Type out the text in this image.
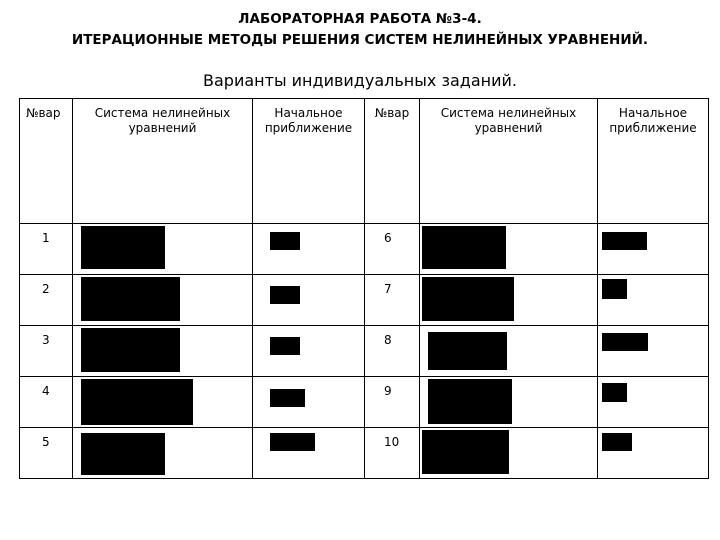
ЛАБОРАТОРНАЯ РАБОТА №3-4.
ИТЕРАЦИОННЫЕ МЕТОДЫ РЕШЕНИЯ СИСТЕМ НЕЛИНЕЙНЫХ УРАВНЕНИЙ.
Варианты индивидуальных заданий.
№вар	Система нелинейных уравнений	Начальное приближение	№вар	Система нелинейных уравнений	Начальное приближение

1			6		

2			7		

3			8		

4			9		

5			10		
